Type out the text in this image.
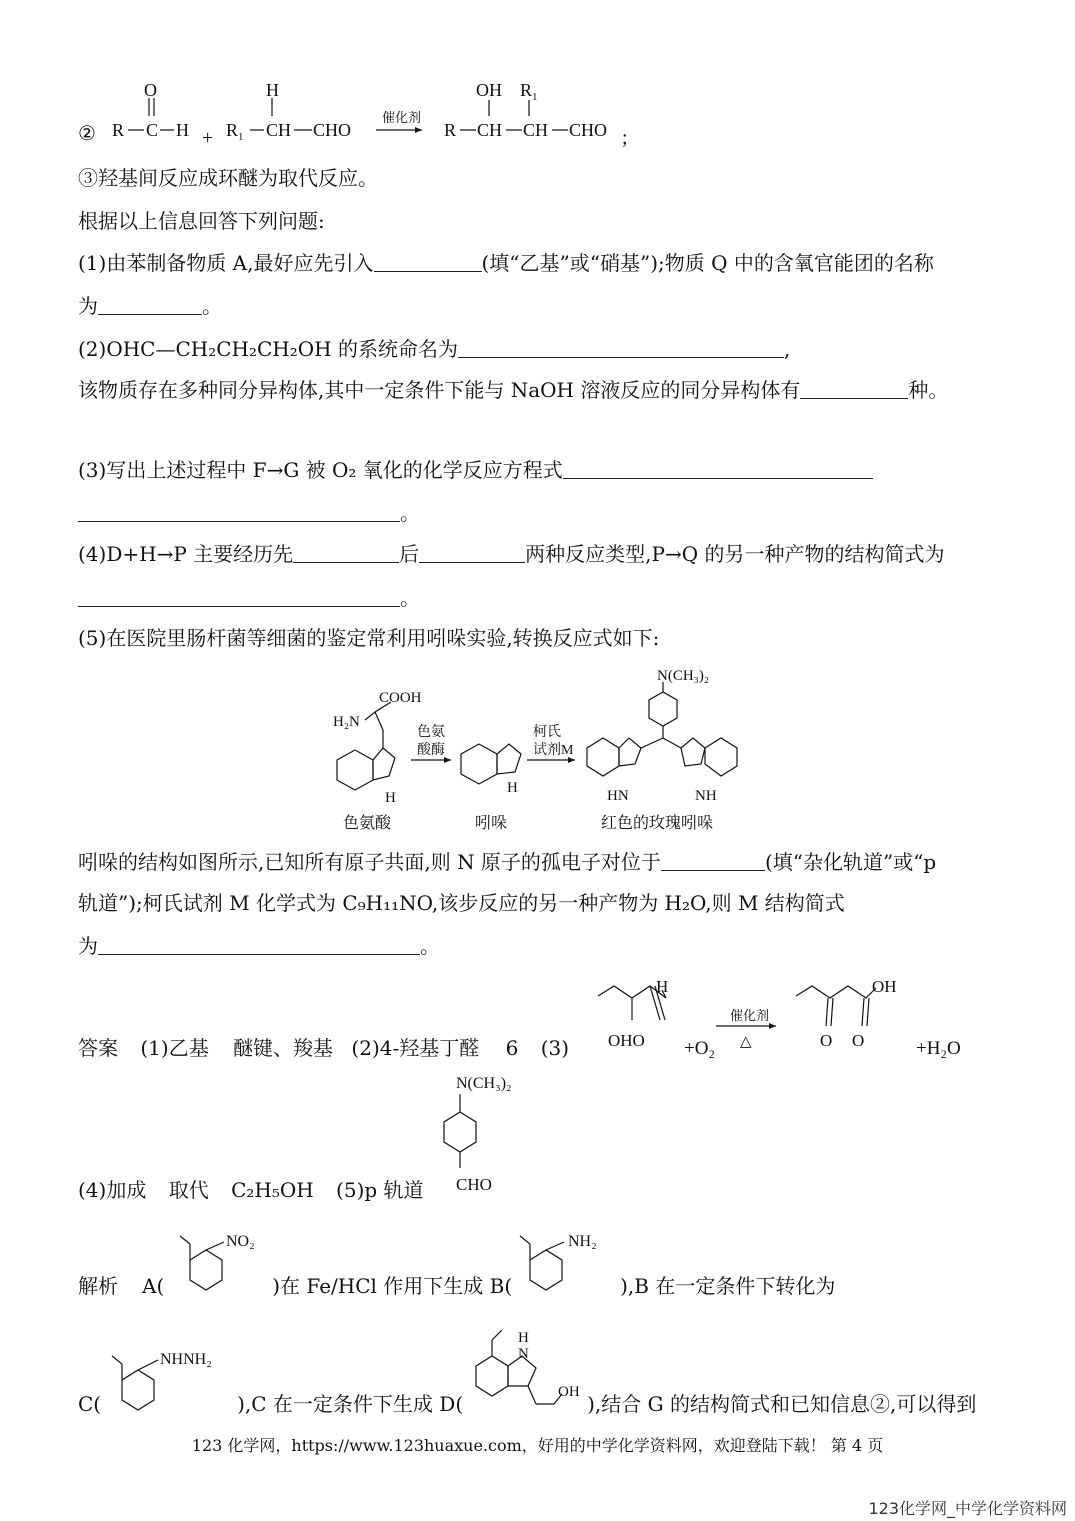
② R C
O
$H + R_1$ CH
H
CHO
催化剂
R CH
OH
CH
$R_1$
CHO ;
③羟基间反应成环醚为取代反应。
根据以上信息回答下列问题:
(1)由苯制备物质 A,最好应先引入	(填“乙基”或“硝基”);物质 Q 中的含氧官能团的名称
为	。
(2)OHC—CH₂CH₂CH₂OH 的系统命名为	,
该物质存在多种同分异构体,其中一定条件下能与 NaOH 溶液反应的同分异构体有	种。
(3)写出上述过程中 F→G 被 O₂ 氧化的化学反应方程式
。
(4)D+H→P 主要经历先	后	两种反应类型,P→Q 的另一种产物的结构简式为
。
(5)在医院里肠杆菌等细菌的鉴定常利用吲哚实验,转换反应式如下:
COOH
H₂N
H
色氨
酸酶
H
柯氏
试剂M
N(CH₃)₂
HN	NH
色氨酸	吲哚	红色的玫瑰吲哚
吲哚的结构如图所示,已知所有原子共面,则 N 原子的孤电子对位于	(填“杂化轨道”或“p
轨道”);柯氏试剂 M 化学式为 C₉H₁₁NO,该步反应的另一种产物为 H₂O,则 M 结构简式
为	。
答案 (1)乙基 醚键、羧基 (2)4-羟基丁醛 6 (3)
H
OHO +O₂
催化剂
△
OH
O O	+H₂O
(4)加成 取代 C₂H₅OH (5)p 轨道
N(CH₃)₂
CHO
解析 A(	)在 Fe/HCl 作用下生成 B(	),B 在一定条件下转化为
NO₂	NH₂
C(	),C 在一定条件下生成 D(	),结合 G 的结构简式和已知信息②,可以得到
NHNH₂
H
N
OH
123 化学网，https://www.123huaxue.com，好用的中学化学资料网，欢迎登陆下载！ 第 4 页
123化学网_中学化学资料网
